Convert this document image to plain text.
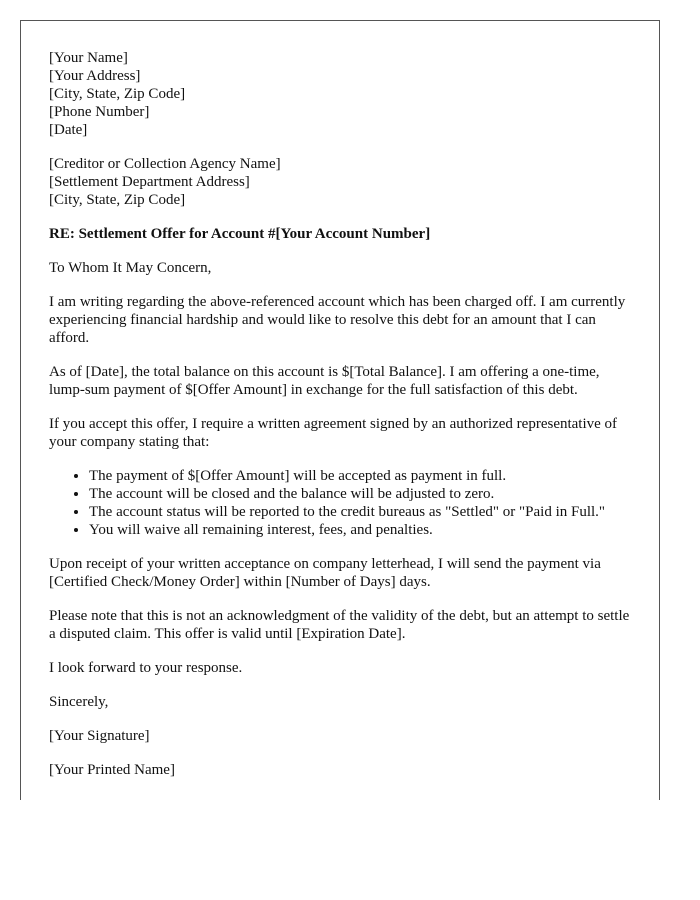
[Your Name]
[Your Address]
[City, State, Zip Code]
[Phone Number]
[Date]
[Creditor or Collection Agency Name]
[Settlement Department Address]
[City, State, Zip Code]
RE: Settlement Offer for Account #[Your Account Number]

To Whom It May Concern,

I am writing regarding the above-referenced account which has been charged off. I am currently experiencing financial hardship and would like to resolve this debt for an amount that I can afford.

As of [Date], the total balance on this account is $[Total Balance]. I am offering a one-time, lump-sum payment of $[Offer Amount] in exchange for the full satisfaction of this debt.

If you accept this offer, I require a written agreement signed by an authorized representative of your company stating that:

• The payment of $[Offer Amount] will be accepted as payment in full.
• The account will be closed and the balance will be adjusted to zero.
• The account status will be reported to the credit bureaus as "Settled" or "Paid in Full."
• You will waive all remaining interest, fees, and penalties.

Upon receipt of your written acceptance on company letterhead, I will send the payment via [Certified Check/Money Order] within [Number of Days] days.

Please note that this is not an acknowledgment of the validity of the debt, but an attempt to settle a disputed claim. This offer is valid until [Expiration Date].

I look forward to your response.

Sincerely,

[Your Signature]

[Your Printed Name]
